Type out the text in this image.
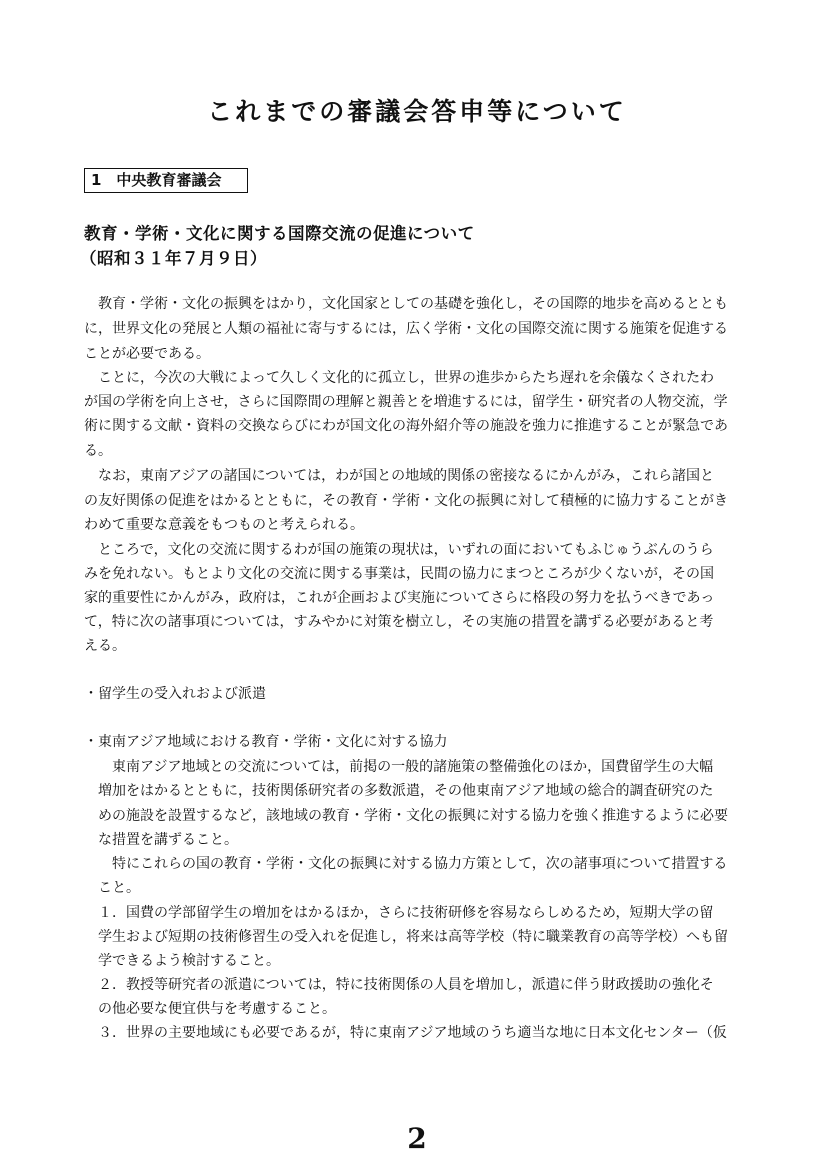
これまでの審議会答申等について
1　中央教育審議会
教育・学術・文化に関する国際交流の促進について
（昭和３１年７月９日）
　教育・学術・文化の振興をはかり，文化国家としての基礎を強化し，その国際的地歩を高めるととも
に，世界文化の発展と人類の福祉に寄与するには，広く学術・文化の国際交流に関する施策を促進する
ことが必要である。
　ことに，今次の大戦によって久しく文化的に孤立し，世界の進歩からたち遅れを余儀なくされたわ
が国の学術を向上させ，さらに国際間の理解と親善とを増進するには，留学生・研究者の人物交流，学
術に関する文献・資料の交換ならびにわが国文化の海外紹介等の施設を強力に推進することが緊急であ
る。
　なお，東南アジアの諸国については，わが国との地域的関係の密接なるにかんがみ，これら諸国と
の友好関係の促進をはかるとともに，その教育・学術・文化の振興に対して積極的に協力することがき
わめて重要な意義をもつものと考えられる。
　ところで，文化の交流に関するわが国の施策の現状は，いずれの面においてもふじゅうぶんのうら
みを免れない。もとより文化の交流に関する事業は，民間の協力にまつところが少くないが，その国
家的重要性にかんがみ，政府は，これが企画および実施についてさらに格段の努力を払うべきであっ
て，特に次の諸事項については，すみやかに対策を樹立し，その実施の措置を講ずる必要があると考
える。
・留学生の受入れおよび派遣
・東南アジア地域における教育・学術・文化に対する協力
　東南アジア地域との交流については，前掲の一般的諸施策の整備強化のほか，国費留学生の大幅
増加をはかるとともに，技術関係研究者の多数派遣，その他東南アジア地域の総合的調査研究のた
めの施設を設置するなど，該地域の教育・学術・文化の振興に対する協力を強く推進するように必要
な措置を講ずること。
　特にこれらの国の教育・学術・文化の振興に対する協力方策として，次の諸事項について措置する
こと。
１．国費の学部留学生の増加をはかるほか，さらに技術研修を容易ならしめるため，短期大学の留
学生および短期の技術修習生の受入れを促進し，将来は高等学校（特に職業教育の高等学校）へも留
学できるよう検討すること。
２．教授等研究者の派遣については，特に技術関係の人員を増加し，派遣に伴う財政援助の強化そ
の他必要な便宜供与を考慮すること。
３．世界の主要地域にも必要であるが，特に東南アジア地域のうち適当な地に日本文化センター（仮
2
